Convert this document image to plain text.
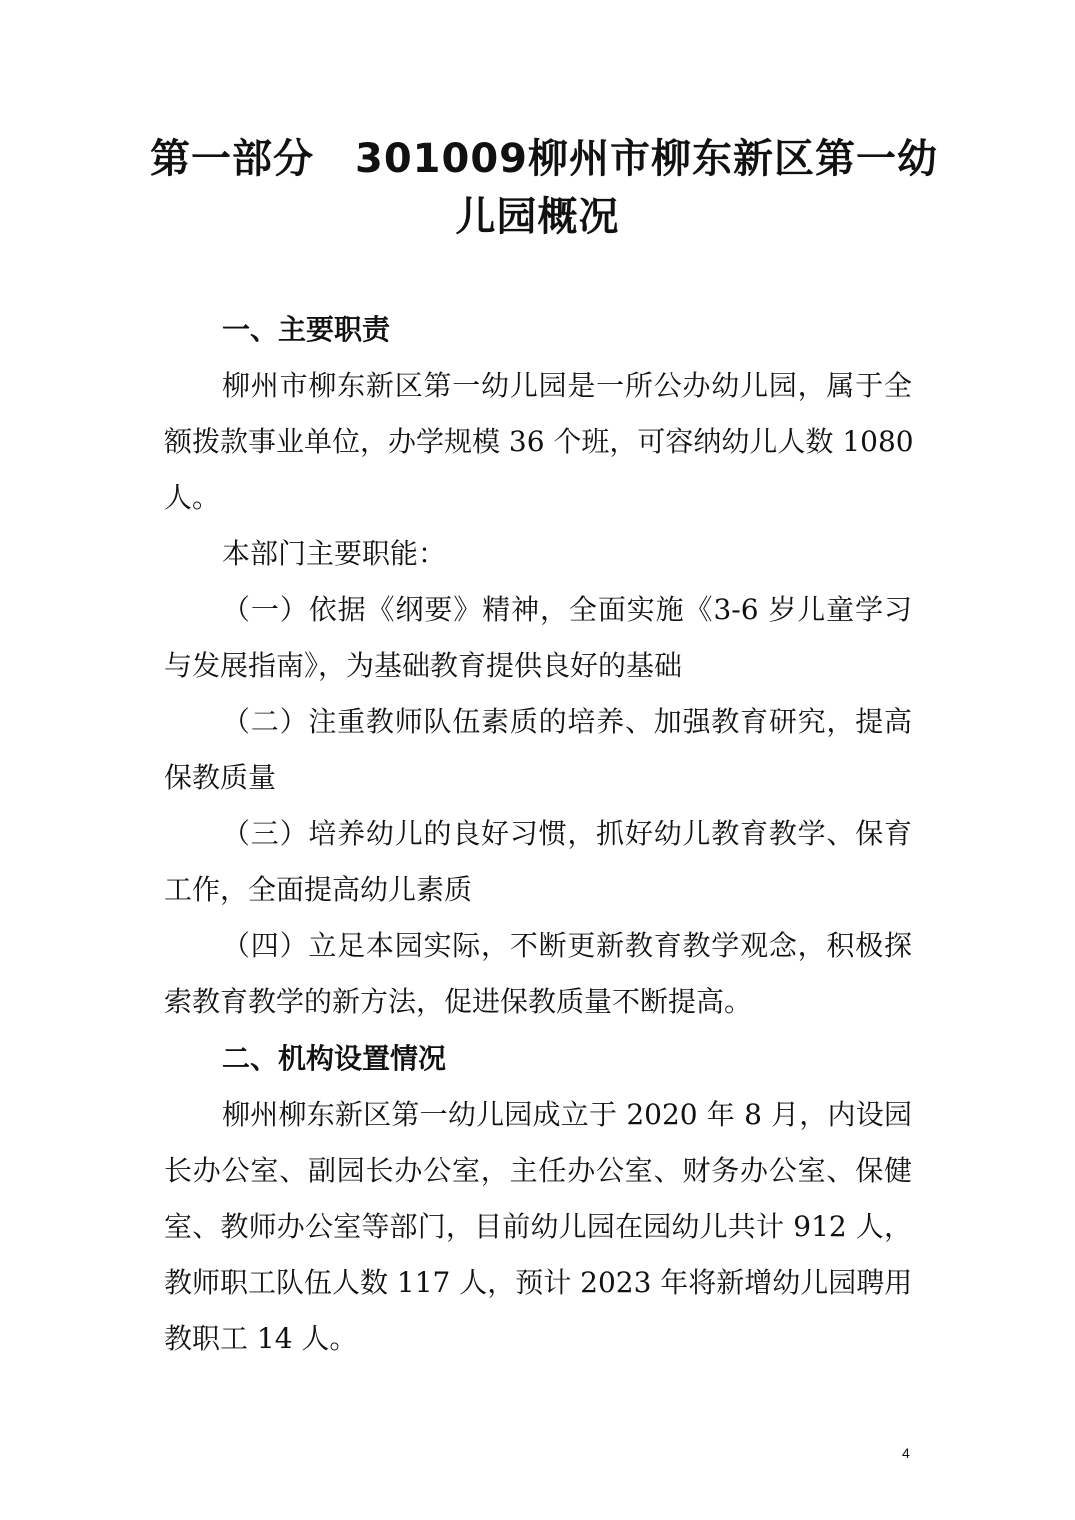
第一部分　301009柳州市柳东新区第一幼
儿园概况
一、主要职责
柳州市柳东新区第一幼儿园是一所公办幼儿园，属于全
额拨款事业单位，办学规模 36 个班，可容纳幼儿人数 1080
人。
本部门主要职能：
（一）依据《纲要》精神，全面实施《3-6 岁儿童学习
与发展指南》，为基础教育提供良好的基础
（二）注重教师队伍素质的培养、加强教育研究，提高
保教质量
（三）培养幼儿的良好习惯，抓好幼儿教育教学、保育
工作，全面提高幼儿素质
（四）立足本园实际，不断更新教育教学观念，积极探
索教育教学的新方法，促进保教质量不断提高。
二、机构设置情况
柳州柳东新区第一幼儿园成立于 2020 年 8 月，内设园
长办公室、副园长办公室，主任办公室、财务办公室、保健
室、教师办公室等部门，目前幼儿园在园幼儿共计 912 人，
教师职工队伍人数 117 人，预计 2023 年将新增幼儿园聘用
教职工 14 人。
4
